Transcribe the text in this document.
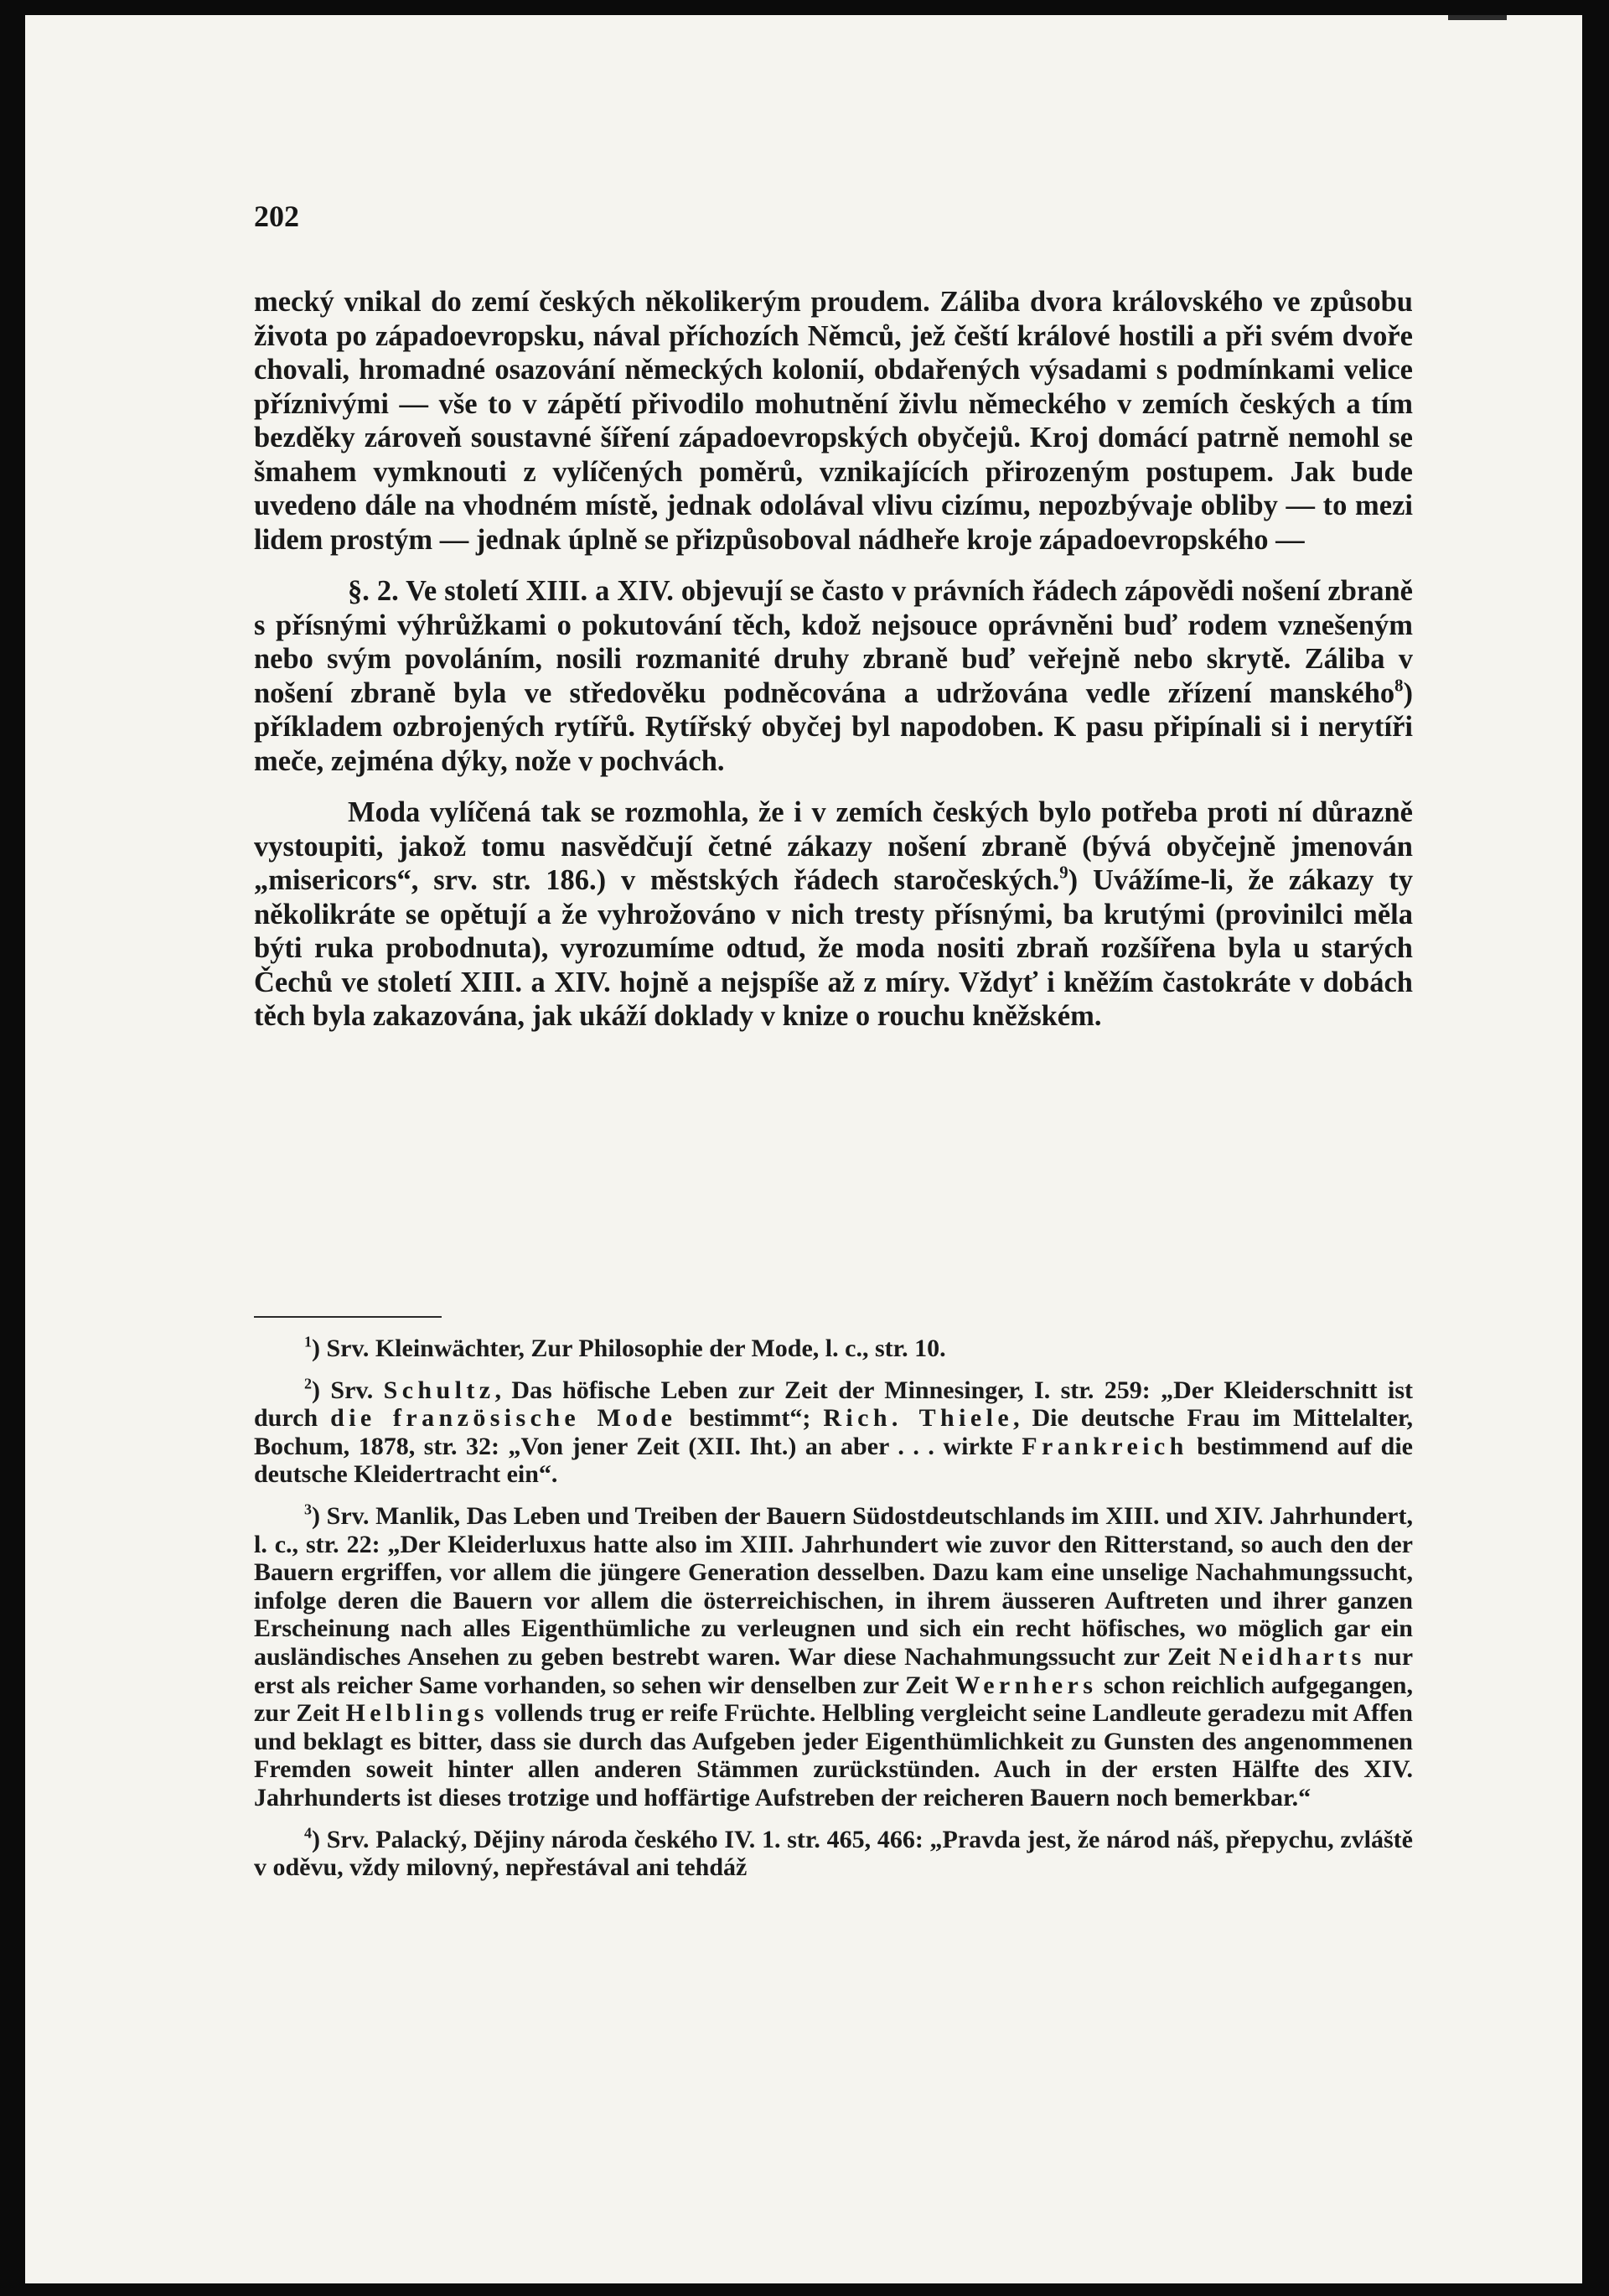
202

mecký vnikal do zemí českých několikerým proudem. Záliba dvora královského ve způsobu života po západoevropsku, nával příchozích Němců, jež čeští králové hostili a při svém dvoře chovali, hromadné osazování německých kolonií, obdařených výsadami s podmínkami velice příznivými — vše to v zápětí přivodilo mohutnění živlu německého v zemích českých a tím bezděky zároveň soustavné šíření západoevropských obyčejů. Kroj domácí patrně nemohl se šmahem vymknouti z vylíčených poměrů, vznikajících přirozeným postupem. Jak bude uvedeno dále na vhodném místě, jednak odolával vlivu cizímu, nepozbývaje obliby — to mezi lidem prostým — jednak úplně se přizpůsoboval nádheře kroje západoevropského —

§. 2. Ve století XIII. a XIV. objevují se často v právních řádech zápovědi nošení zbraně s přísnými výhrůžkami o pokutování těch, kdož nejsouce oprávněni buď rodem vznešeným nebo svým povoláním, nosili rozmanité druhy zbraně buď veřejně nebo skrytě. Záliba v nošení zbraně byla ve středověku podněcována a udržována vedle zřízení manského$^8$) příkladem ozbrojených rytířů. Rytířský obyčej byl napodoben. K pasu připínali si i nerytíři meče, zejména dýky, nože v pochvách.

Moda vylíčená tak se rozmohla, že i v zemích českých bylo potřeba proti ní důrazně vystoupiti, jakož tomu nasvědčují četné zákazy nošení zbraně (bývá obyčejně jmenován „misericors“, srv. str. 186.) v městských řádech staročeských.$^9$) Uvážíme-li, že zákazy ty několikráte se opětují a že vyhrožováno v nich tresty přísnými, ba krutými (provinilci měla býti ruka probodnuta), vyrozumíme odtud, že moda nositi zbraň rozšířena byla u starých Čechů ve století XIII. a XIV. hojně a nejspíše až z míry. Vždyť i kněžím častokráte v dobách těch byla zakazována, jak ukáží doklady v knize o rouchu kněžském.

$^1$) Srv. Kleinwächter, Zur Philosophie der Mode, l. c., str. 10.

$^2$) Srv. Schultz, Das höfische Leben zur Zeit der Minnesinger, I. str. 259: „Der Kleiderschnitt ist durch die französische Mode bestimmt“; Rich. Thiele, Die deutsche Frau im Mittelalter, Bochum, 1878, str. 32: „Von jener Zeit (XII. Iht.) an aber . . . wirkte Frankreich bestimmend auf die deutsche Kleidertracht ein“.

$^3$) Srv. Manlik, Das Leben und Treiben der Bauern Südostdeutschlands im XIII. und XIV. Jahrhundert, l. c., str. 22: „Der Kleiderluxus hatte also im XIII. Jahrhundert wie zuvor den Ritterstand, so auch den der Bauern ergriffen, vor allem die jüngere Generation desselben. Dazu kam eine unselige Nachahmungssucht, infolge deren die Bauern vor allem die österreichischen, in ihrem äusseren Auftreten und ihrer ganzen Erscheinung nach alles Eigenthümliche zu verleugnen und sich ein recht höfisches, wo möglich gar ein ausländisches Ansehen zu geben bestrebt waren. War diese Nachahmungssucht zur Zeit Neidharts nur erst als reicher Same vorhanden, so sehen wir denselben zur Zeit Wernhers schon reichlich aufgegangen, zur Zeit Helblings vollends trug er reife Früchte. Helbling vergleicht seine Landleute geradezu mit Affen und beklagt es bitter, dass sie durch das Aufgeben jeder Eigenthümlichkeit zu Gunsten des angenommenen Fremden soweit hinter allen anderen Stämmen zurückstünden. Auch in der ersten Hälfte des XIV. Jahrhunderts ist dieses trotzige und hoffärtige Aufstreben der reicheren Bauern noch bemerkbar.“

$^4$) Srv. Palacký, Dějiny národa českého IV. 1. str. 465, 466: „Pravda jest, že národ náš, přepychu, zvláště v oděvu, vždy milovný, nepřestával ani tehdáž
